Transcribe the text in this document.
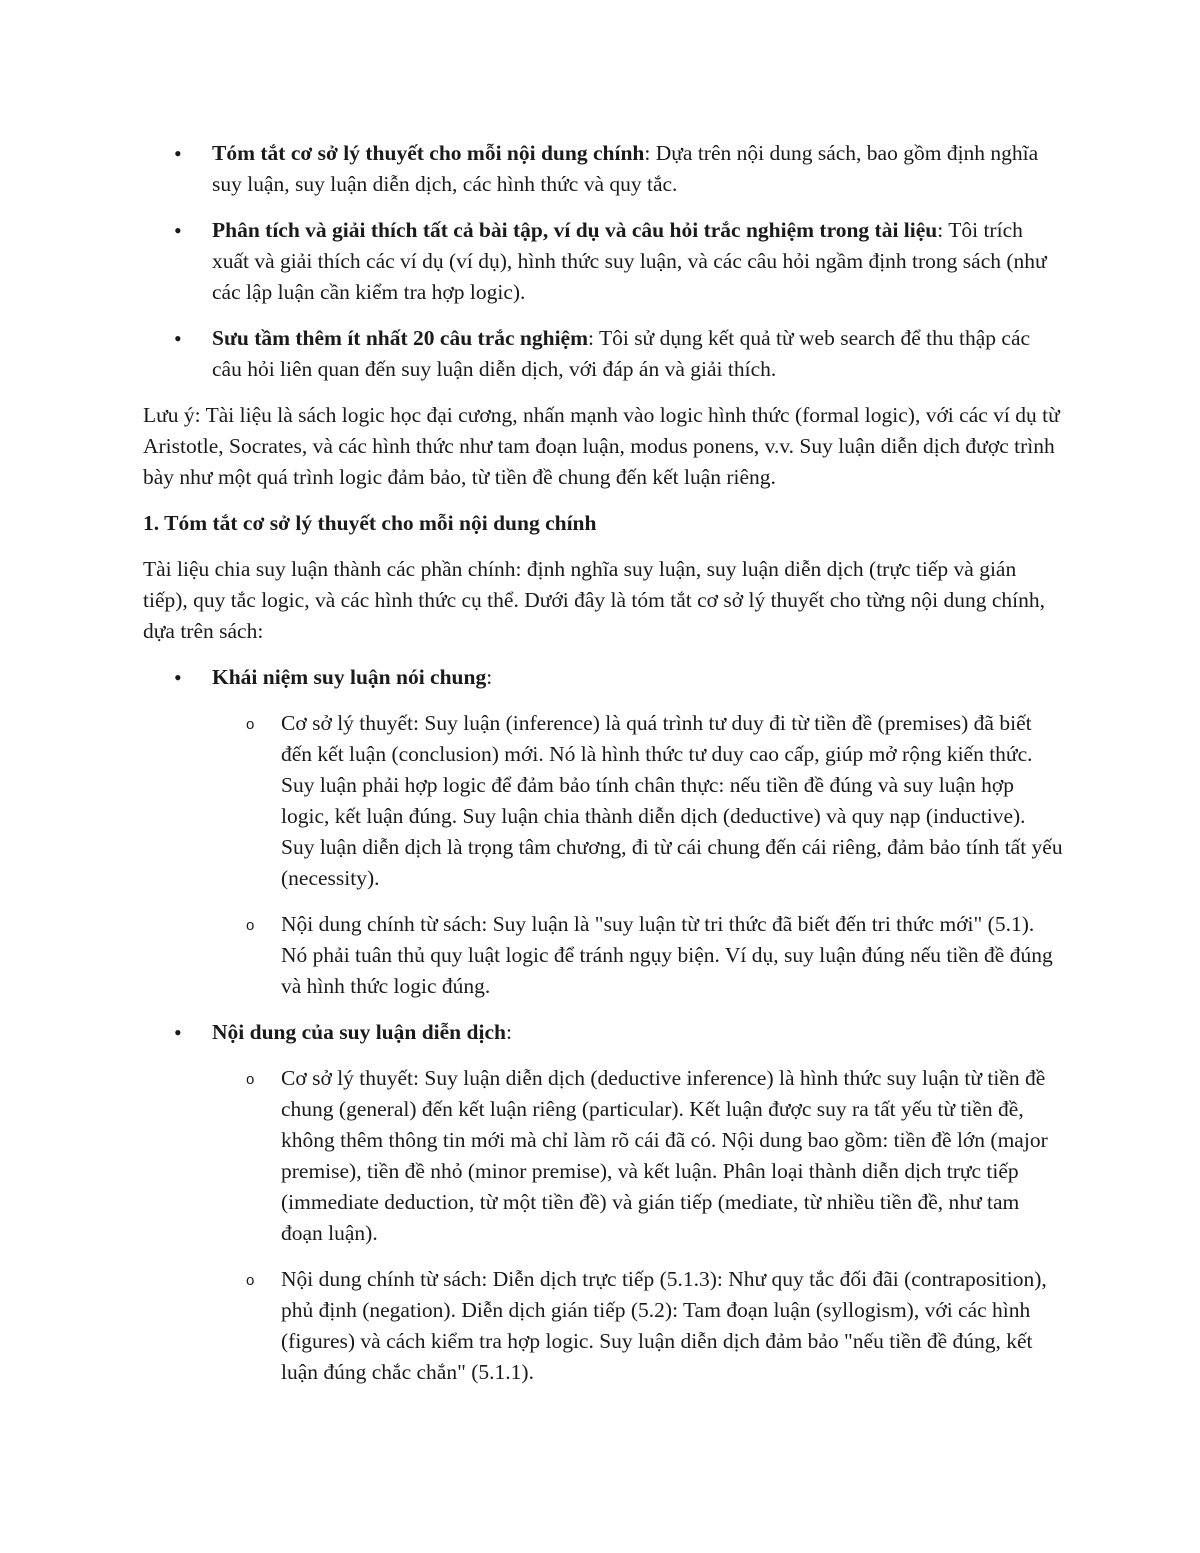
• Tóm tắt cơ sở lý thuyết cho mỗi nội dung chính: Dựa trên nội dung sách, bao gồm định nghĩa suy luận, suy luận diễn dịch, các hình thức và quy tắc.
• Phân tích và giải thích tất cả bài tập, ví dụ và câu hỏi trắc nghiệm trong tài liệu: Tôi trích xuất và giải thích các ví dụ (ví dụ), hình thức suy luận, và các câu hỏi ngầm định trong sách (như các lập luận cần kiểm tra hợp logic).
• Sưu tầm thêm ít nhất 20 câu trắc nghiệm: Tôi sử dụng kết quả từ web search để thu thập các câu hỏi liên quan đến suy luận diễn dịch, với đáp án và giải thích.

Lưu ý: Tài liệu là sách logic học đại cương, nhấn mạnh vào logic hình thức (formal logic), với các ví dụ từ Aristotle, Socrates, và các hình thức như tam đoạn luận, modus ponens, v.v. Suy luận diễn dịch được trình bày như một quá trình logic đảm bảo, từ tiền đề chung đến kết luận riêng.

1. Tóm tắt cơ sở lý thuyết cho mỗi nội dung chính

Tài liệu chia suy luận thành các phần chính: định nghĩa suy luận, suy luận diễn dịch (trực tiếp và gián tiếp), quy tắc logic, và các hình thức cụ thể. Dưới đây là tóm tắt cơ sở lý thuyết cho từng nội dung chính, dựa trên sách:

• Khái niệm suy luận nói chung:
o Cơ sở lý thuyết: Suy luận (inference) là quá trình tư duy đi từ tiền đề (premises) đã biết đến kết luận (conclusion) mới. Nó là hình thức tư duy cao cấp, giúp mở rộng kiến thức. Suy luận phải hợp logic để đảm bảo tính chân thực: nếu tiền đề đúng và suy luận hợp logic, kết luận đúng. Suy luận chia thành diễn dịch (deductive) và quy nạp (inductive). Suy luận diễn dịch là trọng tâm chương, đi từ cái chung đến cái riêng, đảm bảo tính tất yếu (necessity).
o Nội dung chính từ sách: Suy luận là "suy luận từ tri thức đã biết đến tri thức mới" (5.1). Nó phải tuân thủ quy luật logic để tránh ngụy biện. Ví dụ, suy luận đúng nếu tiền đề đúng và hình thức logic đúng.
• Nội dung của suy luận diễn dịch:
o Cơ sở lý thuyết: Suy luận diễn dịch (deductive inference) là hình thức suy luận từ tiền đề chung (general) đến kết luận riêng (particular). Kết luận được suy ra tất yếu từ tiền đề, không thêm thông tin mới mà chỉ làm rõ cái đã có. Nội dung bao gồm: tiền đề lớn (major premise), tiền đề nhỏ (minor premise), và kết luận. Phân loại thành diễn dịch trực tiếp (immediate deduction, từ một tiền đề) và gián tiếp (mediate, từ nhiều tiền đề, như tam đoạn luận).
o Nội dung chính từ sách: Diễn dịch trực tiếp (5.1.3): Như quy tắc đối đãi (contraposition), phủ định (negation). Diễn dịch gián tiếp (5.2): Tam đoạn luận (syllogism), với các hình (figures) và cách kiểm tra hợp logic. Suy luận diễn dịch đảm bảo "nếu tiền đề đúng, kết luận đúng chắc chắn" (5.1.1).
